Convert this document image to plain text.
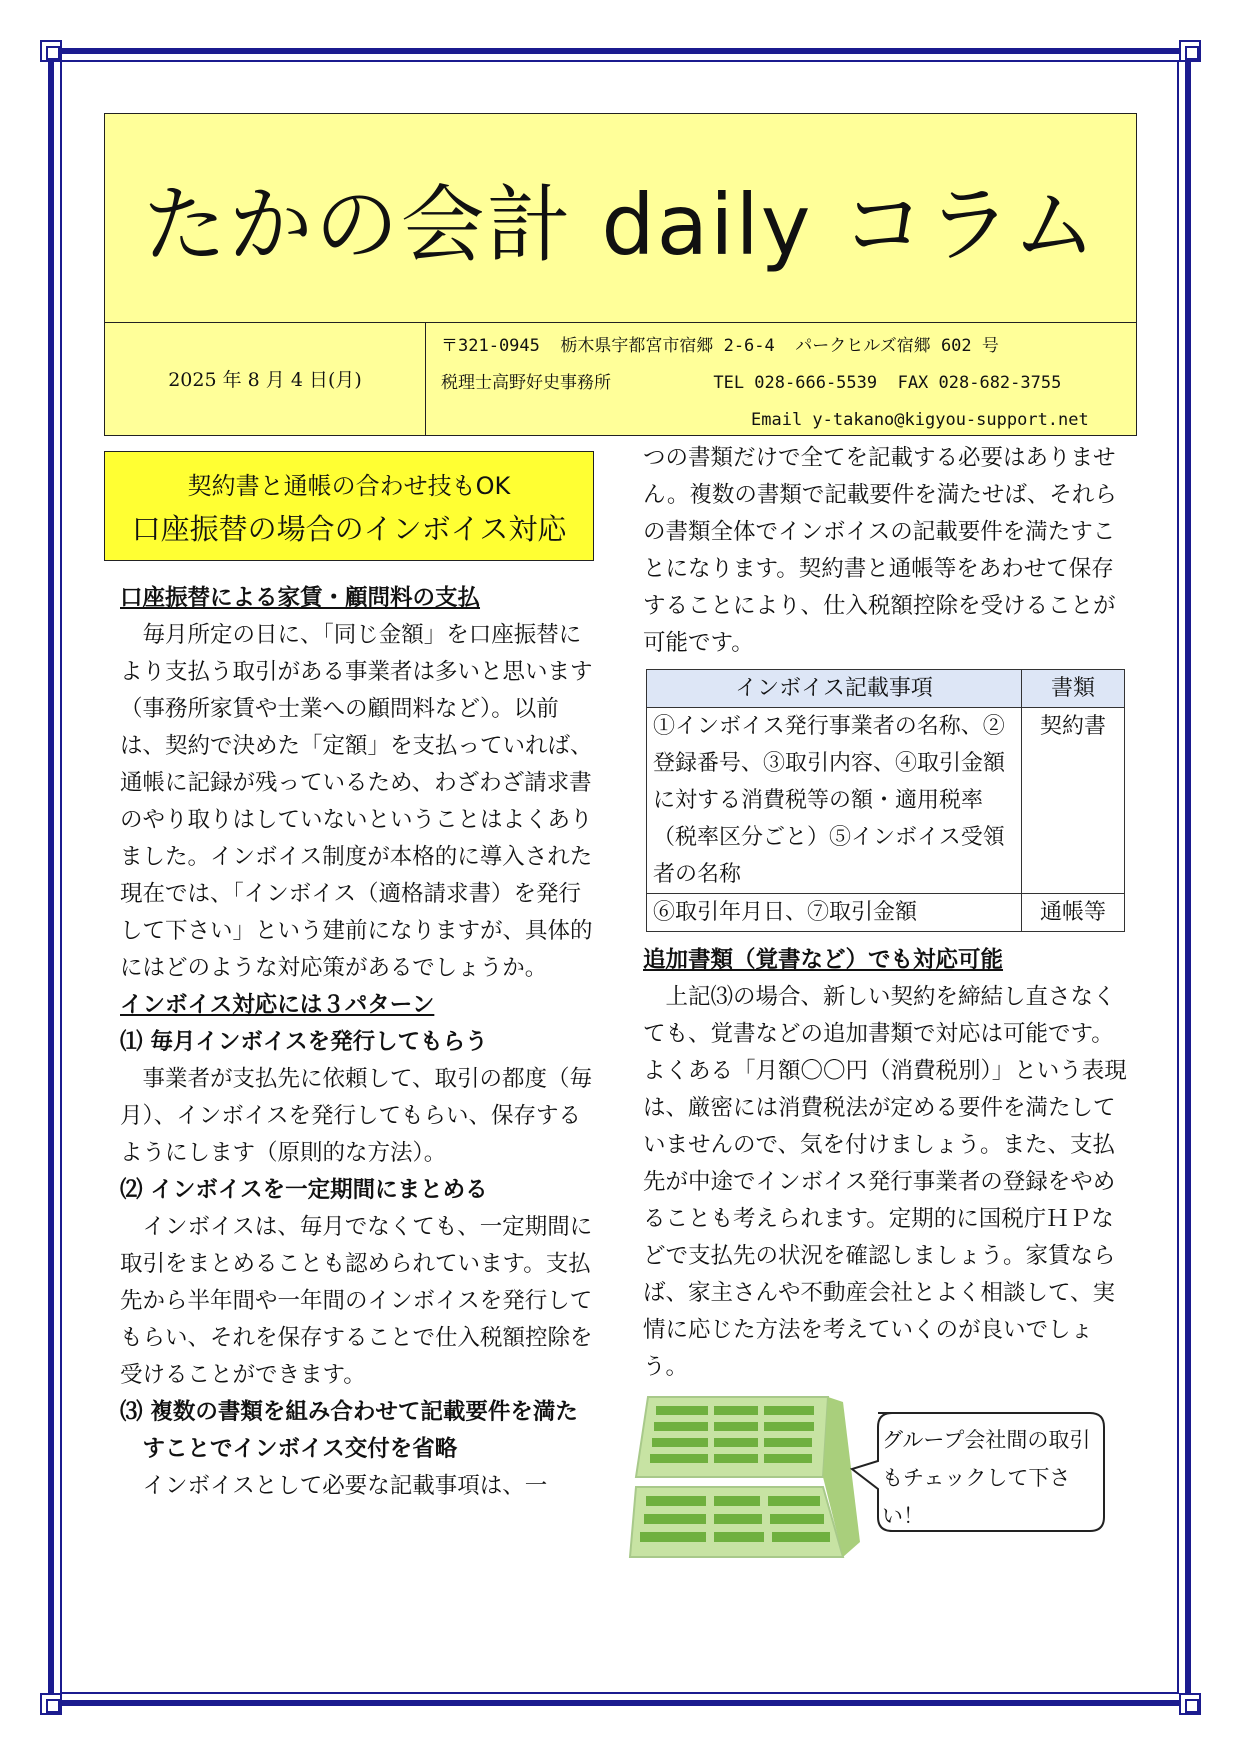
たかの会計 daily コラム
2025 年 8 月 4 日(月)
〒321-0945  栃木県宇都宮市宿郷 2-6-4  パークヒルズ宿郷 602 号
税理士高野好史事務所	TEL 028-666-5539  FAX 028-682-3755
Email y-takano@kigyou-support.net
契約書と通帳の合わせ技もOK
口座振替の場合のインボイス対応

口座振替による家賃・顧問料の支払

毎月所定の日に、「同じ金額」を口座振替により支払う取引がある事業者は多いと思います（事務所家賃や士業への顧問料など）。以前は、契約で決めた「定額」を支払っていれば、通帳に記録が残っているため、わざわざ請求書のやり取りはしていないということはよくありました。インボイス制度が本格的に導入された現在では、「インボイス（適格請求書）を発行して下さい」という建前になりますが、具体的にはどのような対応策があるでしょうか。

インボイス対応には３パターン

⑴ 毎月インボイスを発行してもらう

事業者が支払先に依頼して、取引の都度（毎月）、インボイスを発行してもらい、保存するようにします（原則的な方法）。

⑵ インボイスを一定期間にまとめる

インボイスは、毎月でなくても、一定期間に取引をまとめることも認められています。支払先から半年間や一年間のインボイスを発行してもらい、それを保存することで仕入税額控除を受けることができます。

⑶ 複数の書類を組み合わせて記載要件を満たすことでインボイス交付を省略

インボイスとして必要な記載事項は、一

つの書類だけで全てを記載する必要はありません。複数の書類で記載要件を満たせば、それらの書類全体でインボイスの記載要件を満たすことになります。契約書と通帳等をあわせて保存することにより、仕入税額控除を受けることが可能です。

インボイス記載事項	書類
①インボイス発行事業者の名称、②登録番号、③取引内容、④取引金額に対する消費税等の額・適用税率（税率区分ごと）⑤インボイス受領者の名称	契約書
⑥取引年月日、⑦取引金額	通帳等

追加書類（覚書など）でも対応可能

上記⑶の場合、新しい契約を締結し直さなくても、覚書などの追加書類で対応は可能です。よくある「月額〇〇円（消費税別）」という表現は、厳密には消費税法が定める要件を満たしていませんので、気を付けましょう。また、支払先が中途でインボイス発行事業者の登録をやめることも考えられます。定期的に国税庁ＨＰなどで支払先の状況を確認しましょう。家賃ならば、家主さんや不動産会社とよく相談して、実情に応じた方法を考えていくのが良いでしょう。

グループ会社間の取引もチェックして下さい！
